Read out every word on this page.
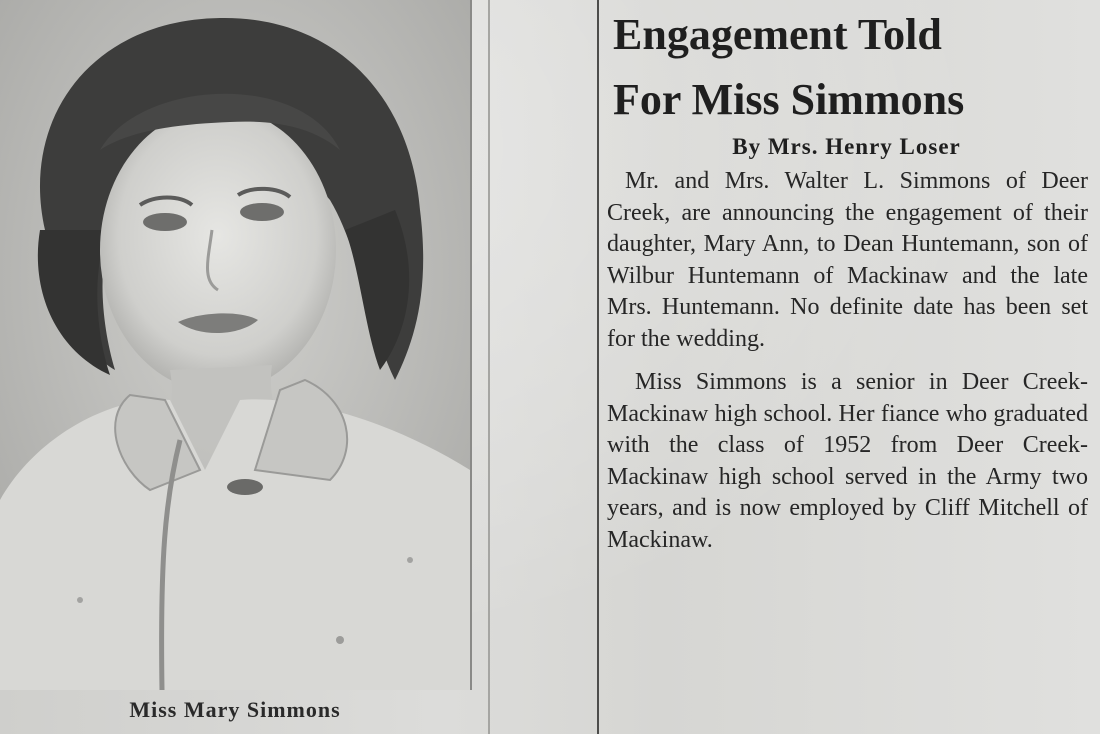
Miss Mary Simmons
Engagement Told
For Miss Simmons

By Mrs. Henry Loser

Mr. and Mrs. Walter L. Simmons of Deer Creek, are announcing the engagement of their daughter, Mary Ann, to Dean Huntemann, son of Wilbur Huntemann of Mackinaw and the late Mrs. Huntemann. No definite date has been set for the wedding.

Miss Simmons is a senior in Deer Creek-Mackinaw high school. Her fiance who graduated with the class of 1952 from Deer Creek-Mackinaw high school served in the Army two years, and is now employed by Cliff Mitchell of Mackinaw.
